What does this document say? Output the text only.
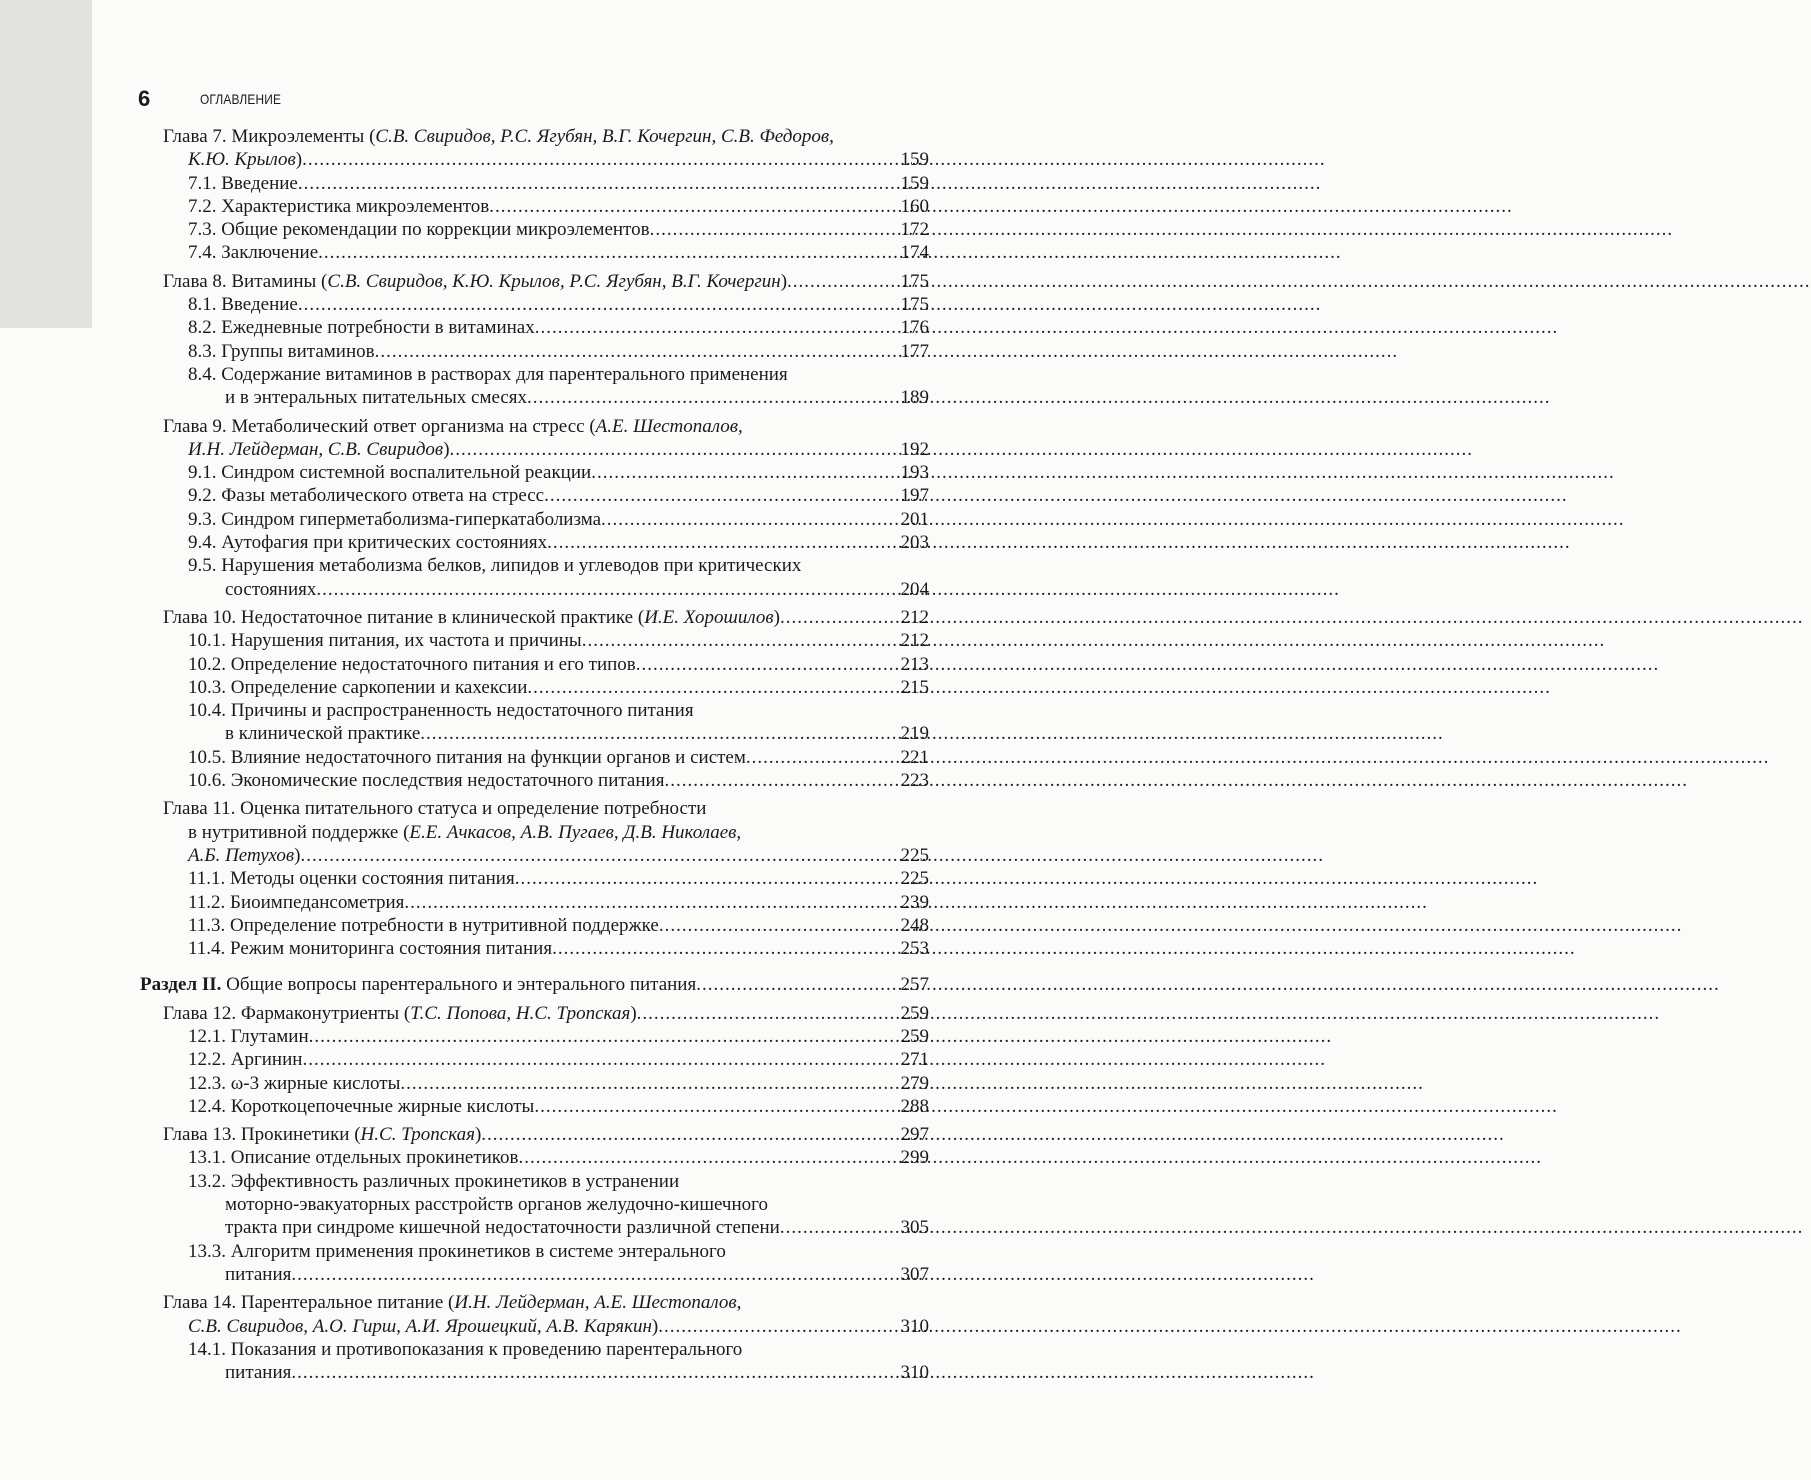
6	ОГЛАВЛЕНИЕ
Глава 7. Микроэлементы (С.В. Свиридов, Р.С. Ягубян, В.Г. Кочергин, С.В. Федоров,
К.Ю. Крылов) .....	159
7.1. Введение .....	159
7.2. Характеристика микроэлементов .....	160
7.3. Общие рекомендации по коррекции микроэлементов .....	172
7.4. Заключение .....	174
Глава 8. Витамины (С.В. Свиридов, К.Ю. Крылов, Р.С. Ягубян, В.Г. Кочергин) .....	175
8.1. Введение .....	175
8.2. Ежедневные потребности в витаминах .....	176
8.3. Группы витаминов .....	177
8.4. Содержание витаминов в растворах для парентерального применения
и в энтеральных питательных смесях .....	189
Глава 9. Метаболический ответ организма на стресс (А.Е. Шестопалов,
И.Н. Лейдерман, С.В. Свиридов) .....	192
9.1. Синдром системной воспалительной реакции .....	193
9.2. Фазы метаболического ответа на стресс .....	197
9.3. Синдром гиперметаболизма-гиперкатаболизма .....	201
9.4. Аутофагия при критических состояниях .....	203
9.5. Нарушения метаболизма белков, липидов и углеводов при критических
состояниях .....	204
Глава 10. Недостаточное питание в клинической практике (И.Е. Хорошилов) .....	212
10.1. Нарушения питания, их частота и причины .....	212
10.2. Определение недостаточного питания и его типов .....	213
10.3. Определение саркопении и кахексии .....	215
10.4. Причины и распространенность недостаточного питания
в клинической практике .....	219
10.5. Влияние недостаточного питания на функции органов и систем .....	221
10.6. Экономические последствия недостаточного питания .....	223
Глава 11. Оценка питательного статуса и определение потребности
в нутритивной поддержке (Е.Е. Ачкасов, А.В. Пугаев, Д.В. Николаев,
А.Б. Петухов) .....	225
11.1. Методы оценки состояния питания .....	225
11.2. Биоимпедансометрия .....	239
11.3. Определение потребности в нутритивной поддержке .....	248
11.4. Режим мониторинга состояния питания .....	253
Раздел II. Общие вопросы парентерального и энтерального питания .....	257
Глава 12. Фармаконутриенты (Т.С. Попова, Н.С. Тропская) .....	259
12.1. Глутамин .....	259
12.2. Аргинин .....	271
12.3. ω-3 жирные кислоты .....	279
12.4. Короткоцепочечные жирные кислоты .....	288
Глава 13. Прокинетики (Н.С. Тропская) .....	297
13.1. Описание отдельных прокинетиков .....	299
13.2. Эффективность различных прокинетиков в устранении
моторно-эвакуаторных расстройств органов желудочно-кишечного
тракта при синдроме кишечной недостаточности различной степени .....	305
13.3. Алгоритм применения прокинетиков в системе энтерального
питания .....	307
Глава 14. Парентеральное питание (И.Н. Лейдерман, А.Е. Шестопалов,
С.В. Свиридов, А.О. Гирш, А.И. Ярошецкий, А.В. Карякин) .....	310
14.1. Показания и противопоказания к проведению парентерального
питания .....	310
